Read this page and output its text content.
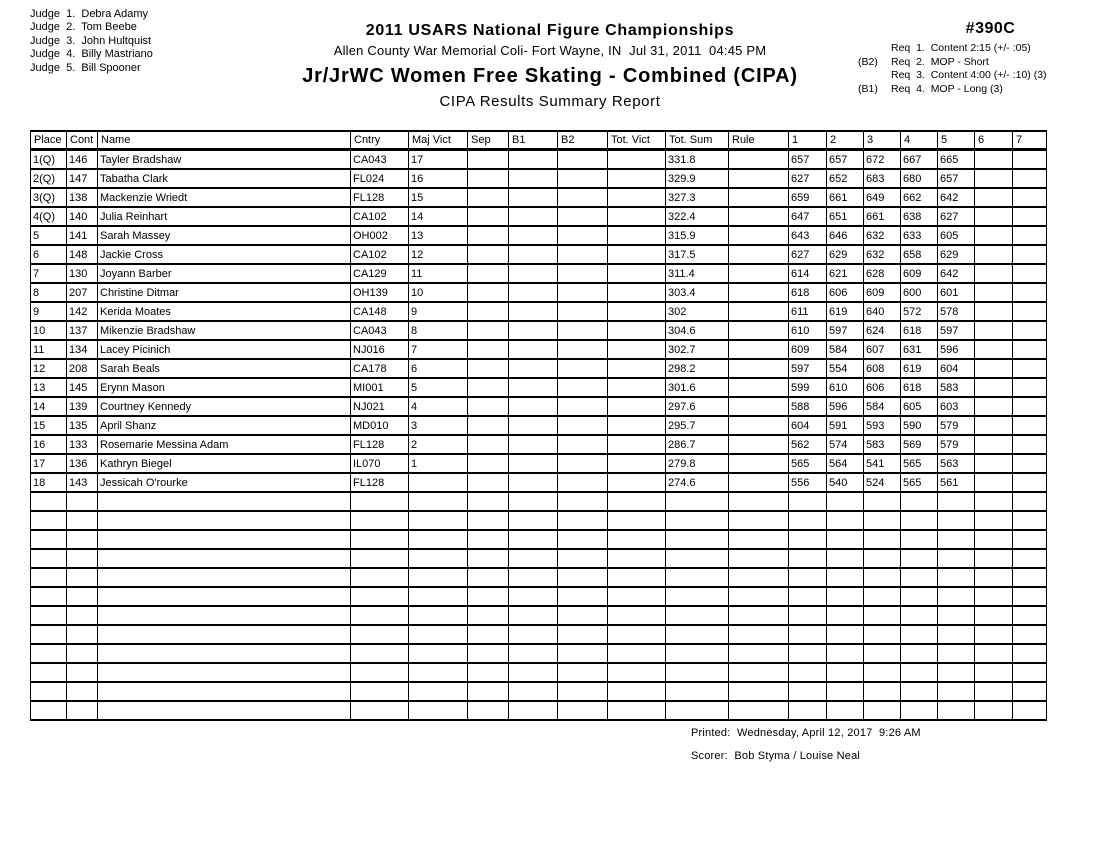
Judge  1.  Debra Adamy
Judge  2.  Tom Beebe
Judge  3.  John Hultquist
Judge  4.  Billy Mastriano
Judge  5.  Bill Spooner
2011 USARS National Figure Championships
Allen County War Memorial Coli- Fort Wayne, IN  Jul 31, 2011  04:45 PM
Jr/JrWC Women Free Skating - Combined (CIPA)
CIPA Results Summary Report
#390C
Req  1.  Content 2:15 (+/- :05)
(B2)	Req  2.  MOP - Short
Req  3.  Content 4:00 (+/- :10) (3)
(B1)	Req  4.  MOP - Long (3)
Place	Cont	Name	Cntry	Maj Vict	Sep	B1	B2	Tot. Vict	Tot. Sum	Rule	1	2	3	4	5	6	7
1(Q)	146	Tayler Bradshaw	CA043	17					331.8		657	657	672	667	665		
2(Q)	147	Tabatha Clark	FL024	16					329.9		627	652	683	680	657		
3(Q)	138	Mackenzie Wriedt	FL128	15					327.3		659	661	649	662	642		
4(Q)	140	Julia Reinhart	CA102	14					322.4		647	651	661	638	627		
5	141	Sarah Massey	OH002	13					315.9		643	646	632	633	605		
6	148	Jackie Cross	CA102	12					317.5		627	629	632	658	629		
7	130	Joyann Barber	CA129	11					311.4		614	621	628	609	642		
8	207	Christine Ditmar	OH139	10					303.4		618	606	609	600	601		
9	142	Kerida Moates	CA148	9					302		611	619	640	572	578		
10	137	Mikenzie Bradshaw	CA043	8					304.6		610	597	624	618	597		
11	134	Lacey Picinich	NJ016	7					302.7		609	584	607	631	596		
12	208	Sarah Beals	CA178	6					298.2		597	554	608	619	604		
13	145	Erynn Mason	MI001	5					301.6		599	610	606	618	583		
14	139	Courtney Kennedy	NJ021	4					297.6		588	596	584	605	603		
15	135	April Shanz	MD010	3					295.7		604	591	593	590	579		
16	133	Rosemarie Messina Adam	FL128	2					286.7		562	574	583	569	579		
17	136	Kathryn Biegel	IL070	1					279.8		565	564	541	565	563		
18	143	Jessicah O'rourke	FL128						274.6		556	540	524	565	561		

Printed:  Wednesday, April 12, 2017  9:26 AM
Scorer:  Bob Styma / Louise Neal
